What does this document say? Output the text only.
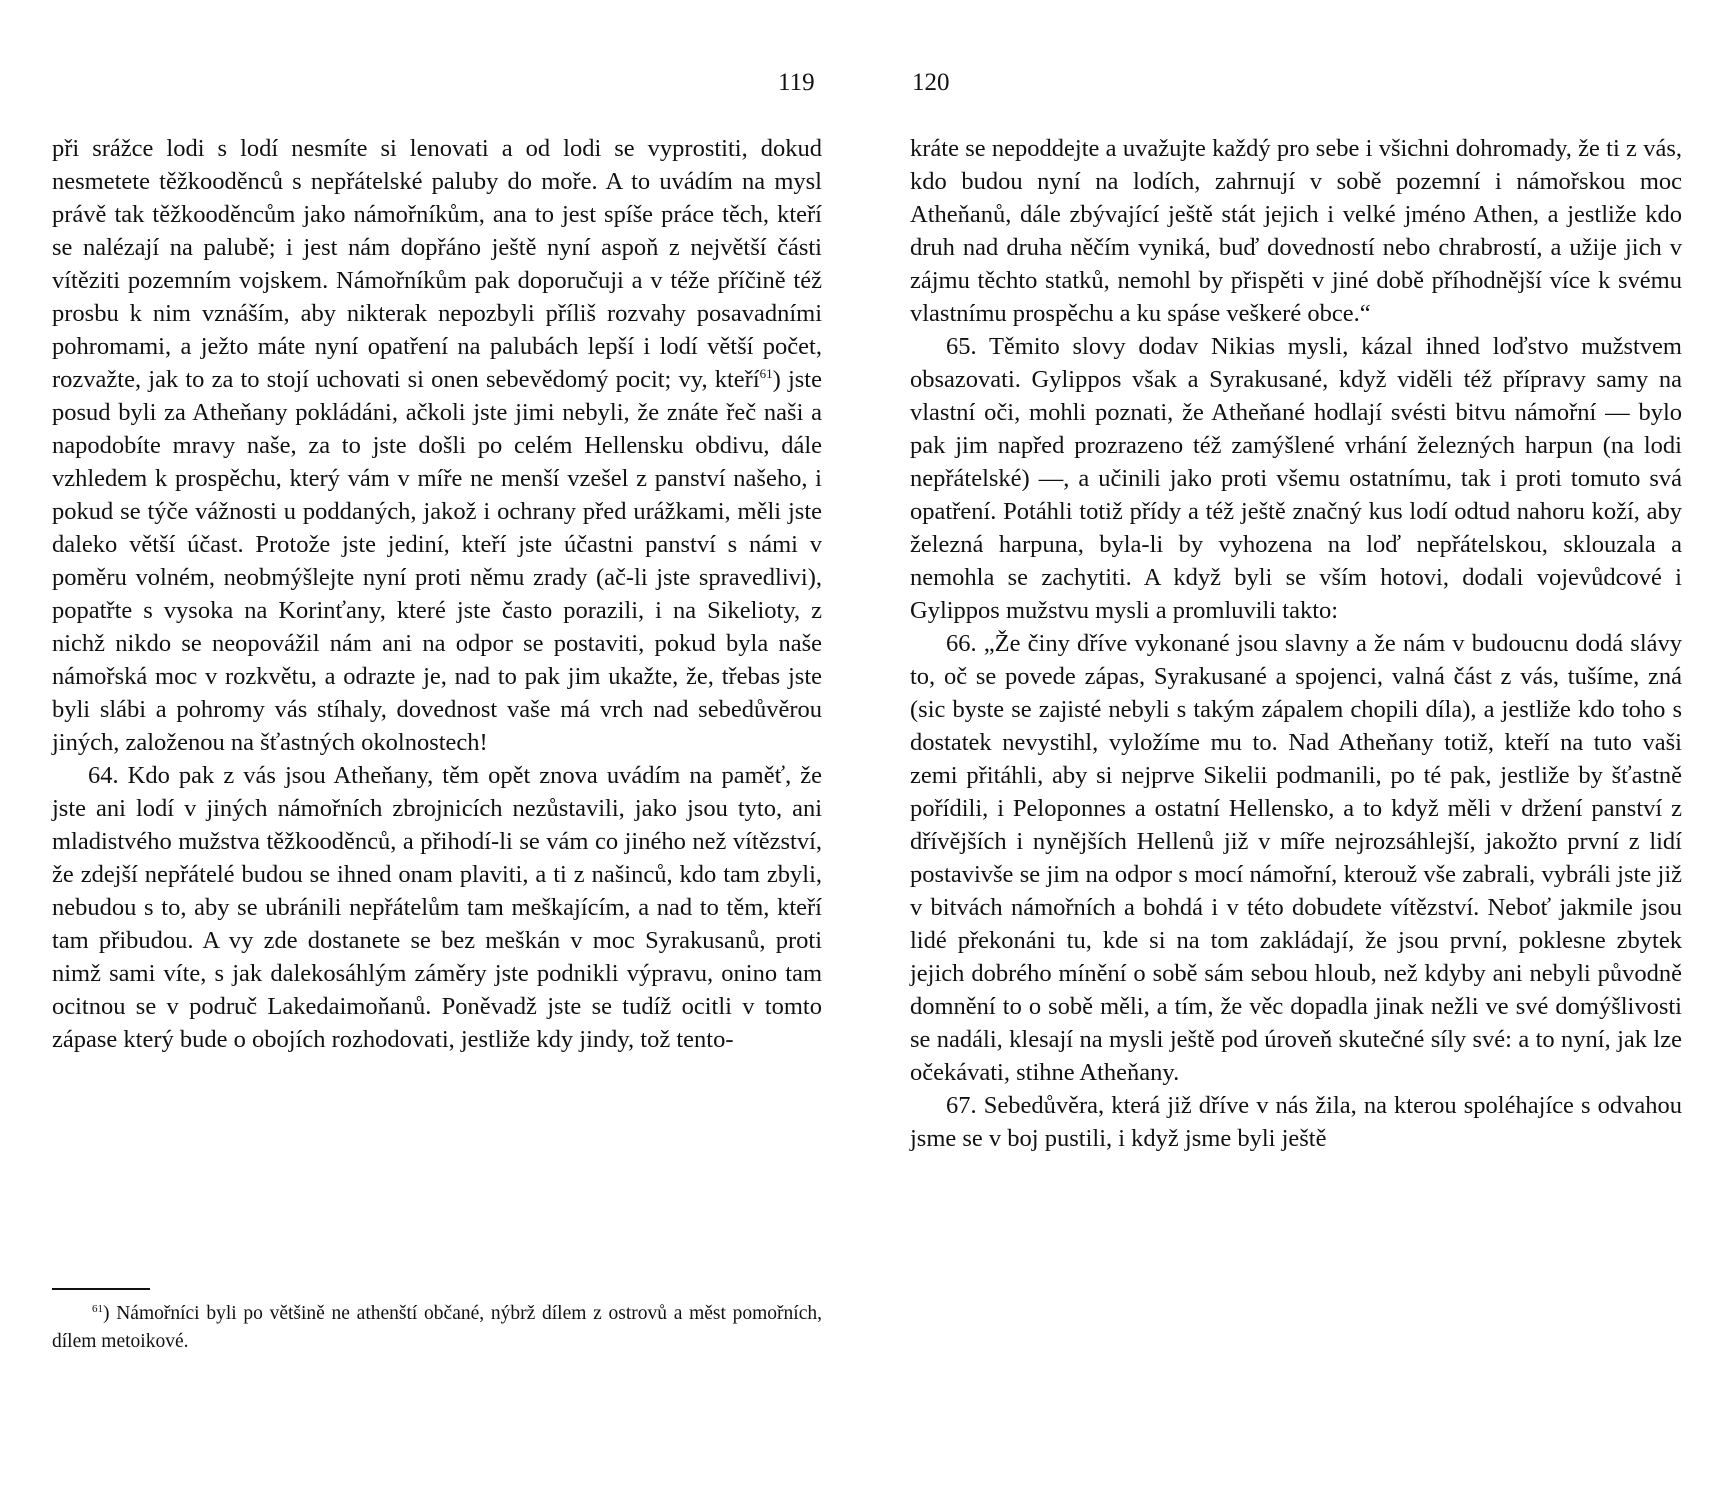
119

při srážce lodi s lodí nesmíte si lenovati a od lodi se vyprostiti, dokud nesmetete těžkooděnců s nepřátelské paluby do moře. A to uvádím na mysl právě tak těžkooděncům jako námořníkům, ana to jest spíše práce těch, kteří se nalézají na palubě; i jest nám dopřáno ještě nyní aspoň z největší části vítěziti pozemním vojskem. Námořníkům pak doporučuji a v téže příčině též prosbu k nim vznáším, aby nikterak nepozbyli příliš rozvahy posavadními pohromami, a ježto máte nyní opatření na palubách lepší i lodí větší počet, rozvažte, jak to za to stojí uchovati si onen sebevědomý pocit; vy, kteří$^{61}$) jste posud byli za Atheňany pokládáni, ačkoli jste jimi nebyli, že znáte řeč naši a napodobíte mravy naše, za to jste došli po celém Hellensku obdivu, dále vzhledem k prospěchu, který vám v míře ne menší vzešel z panství našeho, i pokud se týče vážnosti u poddaných, jakož i ochrany před urážkami, měli jste daleko větší účast. Protože jste jediní, kteří jste účastni panství s námi v poměru volném, neobmýšlejte nyní proti němu zrady (ač-li jste spravedlivi), popatřte s vysoka na Korinťany, které jste často porazili, i na Sikelioty, z nichž nikdo se neopovážil nám ani na odpor se postaviti, pokud byla naše námořská moc v rozkvětu, a odrazte je, nad to pak jim ukažte, že, třebas jste byli slábi a pohromy vás stíhaly, dovednost vaše má vrch nad sebedůvěrou jiných, založenou na šťastných okolnostech!

64. Kdo pak z vás jsou Atheňany, těm opět znova uvádím na paměť, že jste ani lodí v jiných námořních zbrojnicích nezůstavili, jako jsou tyto, ani mladistvého mužstva těžkooděnců, a přihodí-li se vám co jiného než vítězství, že zdejší nepřátelé budou se ihned onam plaviti, a ti z našinců, kdo tam zbyli, nebudou s to, aby se ubránili nepřátelům tam meškajícím, a nad to těm, kteří tam přibudou. A vy zde dostanete se bez meškán v moc Syrakusanů, proti nimž sami víte, s jak dalekosáhlým záměry jste podnikli výpravu, onino tam ocitnou se v područ Lakedaimoňanů. Poněvadž jste se tudíž ocitli v tomto zápase který bude o obojích rozhodovati, jestliže kdy jindy, tož tento-

$^{61}$) Námořníci byli po většině ne athenští občané, nýbrž dílem z ostrovů a měst pomořních, dílem metoikové.
120

kráte se nepoddejte a uvažujte každý pro sebe i všichni dohromady, že ti z vás, kdo budou nyní na lodích, zahrnují v sobě pozemní i námořskou moc Atheňanů, dále zbývající ještě stát jejich i velké jméno Athen, a jestliže kdo druh nad druha něčím vyniká, buď dovedností nebo chrabrostí, a užije jich v zájmu těchto statků, nemohl by přispěti v jiné době příhodnější více k svému vlastnímu prospěchu a ku spáse veškeré obce.“

65. Těmito slovy dodav Nikias mysli, kázal ihned loďstvo mužstvem obsazovati. Gylippos však a Syrakusané, když viděli též přípravy samy na vlastní oči, mohli poznati, že Atheňané hodlají svésti bitvu námořní — bylo pak jim napřed prozrazeno též zamýšlené vrhání železných harpun (na lodi nepřátelské) —, a učinili jako proti všemu ostatnímu, tak i proti tomuto svá opatření. Potáhli totiž přídy a též ještě značný kus lodí odtud nahoru koží, aby železná harpuna, byla-li by vyhozena na loď nepřátelskou, sklouzala a nemohla se zachytiti. A když byli se vším hotovi, dodali vojevůdcové i Gylippos mužstvu mysli a promluvili takto:

66. „Že činy dříve vykonané jsou slavny a že nám v budoucnu dodá slávy to, oč se povede zápas, Syrakusané a spojenci, valná část z vás, tušíme, zná (sic byste se zajisté nebyli s takým zápalem chopili díla), a jestliže kdo toho s dostatek nevystihl, vyložíme mu to. Nad Atheňany totiž, kteří na tuto vaši zemi přitáhli, aby si nejprve Sikelii podmanili, po té pak, jestliže by šťastně pořídili, i Peloponnes a ostatní Hellensko, a to když měli v držení panství z dřívějších i nynějších Hellenů již v míře nejrozsáhlejší, jakožto první z lidí postavivše se jim na odpor s mocí námořní, kterouž vše zabrali, vybráli jste již v bitvách námořních a bohdá i v této dobudete vítězství. Neboť jakmile jsou lidé překonáni tu, kde si na tom zakládají, že jsou první, poklesne zbytek jejich dobrého mínění o sobě sám sebou hloub, než kdyby ani nebyli původně domnění to o sobě měli, a tím, že věc dopadla jinak nežli ve své domýšlivosti se nadáli, klesají na mysli ještě pod úroveň skutečné síly své: a to nyní, jak lze očekávati, stihne Atheňany.

67. Sebedůvěra, která již dříve v nás žila, na kterou spoléhajíce s odvahou jsme se v boj pustili, i když jsme byli ještě
